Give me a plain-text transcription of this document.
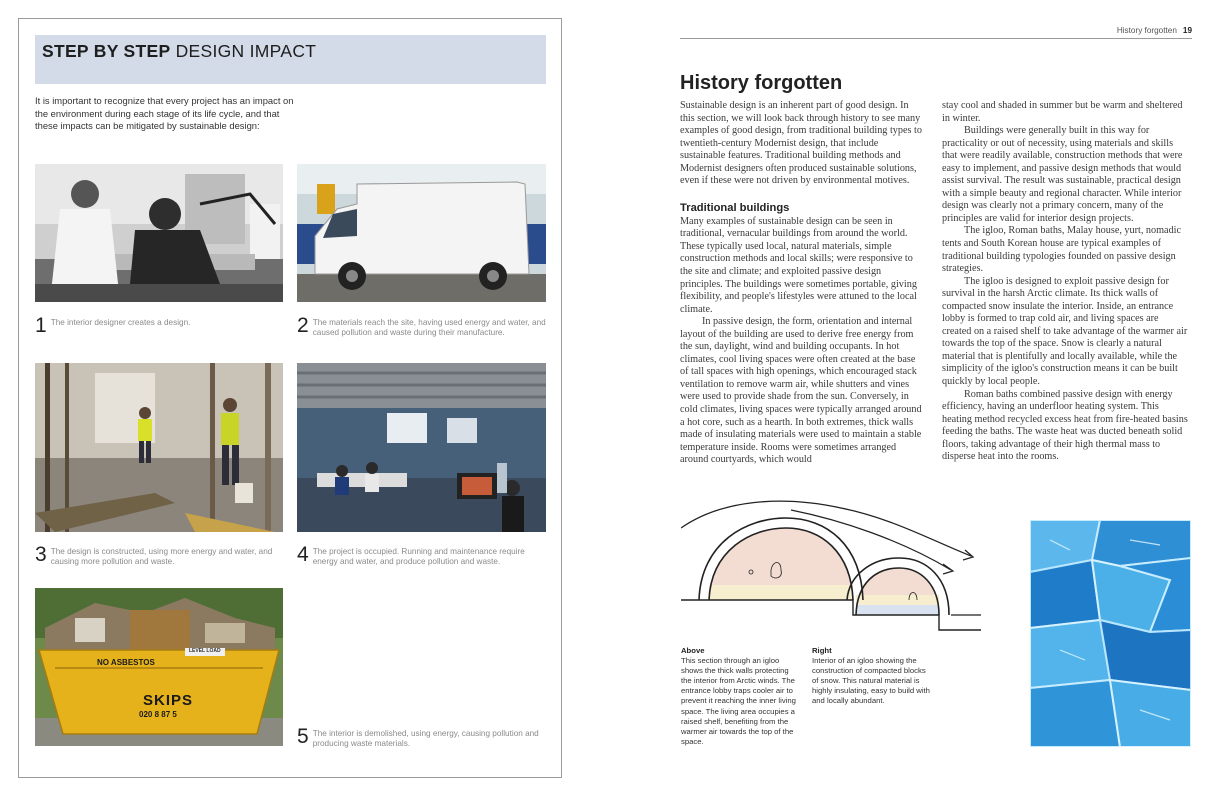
STEP BY STEP DESIGN IMPACT

It is important to recognize that every project has an impact on the environment during each stage of its life cycle, and that these impacts can be mitigated by sustainable design:

1 The interior designer creates a design.	2 The materials reach the site, having used energy and water, and caused pollution and waste during their manufacture.
3 The design is constructed, using more energy and water, and causing more pollution and waste.	4 The project is occupied. Running and maintenance require energy and water, and produce pollution and waste.
LEVEL LOAD
NO ASBESTOS
SKIPS
020 8 87 5
5 The interior is demolished, using energy, causing pollution and producing waste materials.
History forgotten 19
History forgotten

Sustainable design is an inherent part of good design. In this section, we will look back through history to see many examples of good design, from traditional building types to twentieth-century Modernist design, that include sustainable features. Traditional building methods and Modernist designers often produced sustainable solutions, even if these were not driven by environmental motives.

Traditional buildings

Many examples of sustainable design can be seen in traditional, vernacular buildings from around the world. These typically used local, natural materials, simple construction methods and local skills; were responsive to the site and climate; and exploited passive design principles. The buildings were sometimes portable, giving flexibility, and people's lifestyles were attuned to the local climate.

In passive design, the form, orientation and internal layout of the building are used to derive free energy from the sun, daylight, wind and building occupants. In hot climates, cool living spaces were often created at the base of tall spaces with high openings, which encouraged stack ventilation to remove warm air, while shutters and vines were used to provide shade from the sun. Conversely, in cold climates, living spaces were typically arranged around a hot core, such as a hearth. In both extremes, thick walls made of insulating materials were used to maintain a stable temperature inside. Rooms were sometimes arranged around courtyards, which would

stay cool and shaded in summer but be warm and sheltered in winter.

Buildings were generally built in this way for practicality or out of necessity, using materials and skills that were readily available, construction methods that were easy to implement, and passive design methods that would assist survival. The result was sustainable, practical design with a simple beauty and regional character. While interior design was clearly not a primary concern, many of the principles are valid for interior design projects.

The igloo, Roman baths, Malay house, yurt, nomadic tents and South Korean house are typical examples of traditional building typologies founded on passive design strategies.

The igloo is designed to exploit passive design for survival in the harsh Arctic climate. Its thick walls of compacted snow insulate the interior. Inside, an entrance lobby is formed to trap cold air, and living spaces are created on a raised shelf to take advantage of the warmer air towards the top of the space. Snow is clearly a natural material that is plentifully and locally available, while the simplicity of the igloo's construction means it can be built quickly by local people.

Roman baths combined passive design with energy efficiency, having an underfloor heating system. This heating method recycled excess heat from fire-heated basins feeding the baths. The waste heat was ducted beneath solid floors, taking advantage of their high thermal mass to disperse heat into the rooms.

Above
This section through an igloo shows the thick walls protecting the interior from Arctic winds. The entrance lobby traps cooler air to prevent it reaching the inner living space. The living area occupies a raised shelf, benefiting from the warmer air towards the top of the space.
Right
Interior of an igloo showing the construction of compacted blocks of snow. This natural material is highly insulating, easy to build with and locally abundant.
